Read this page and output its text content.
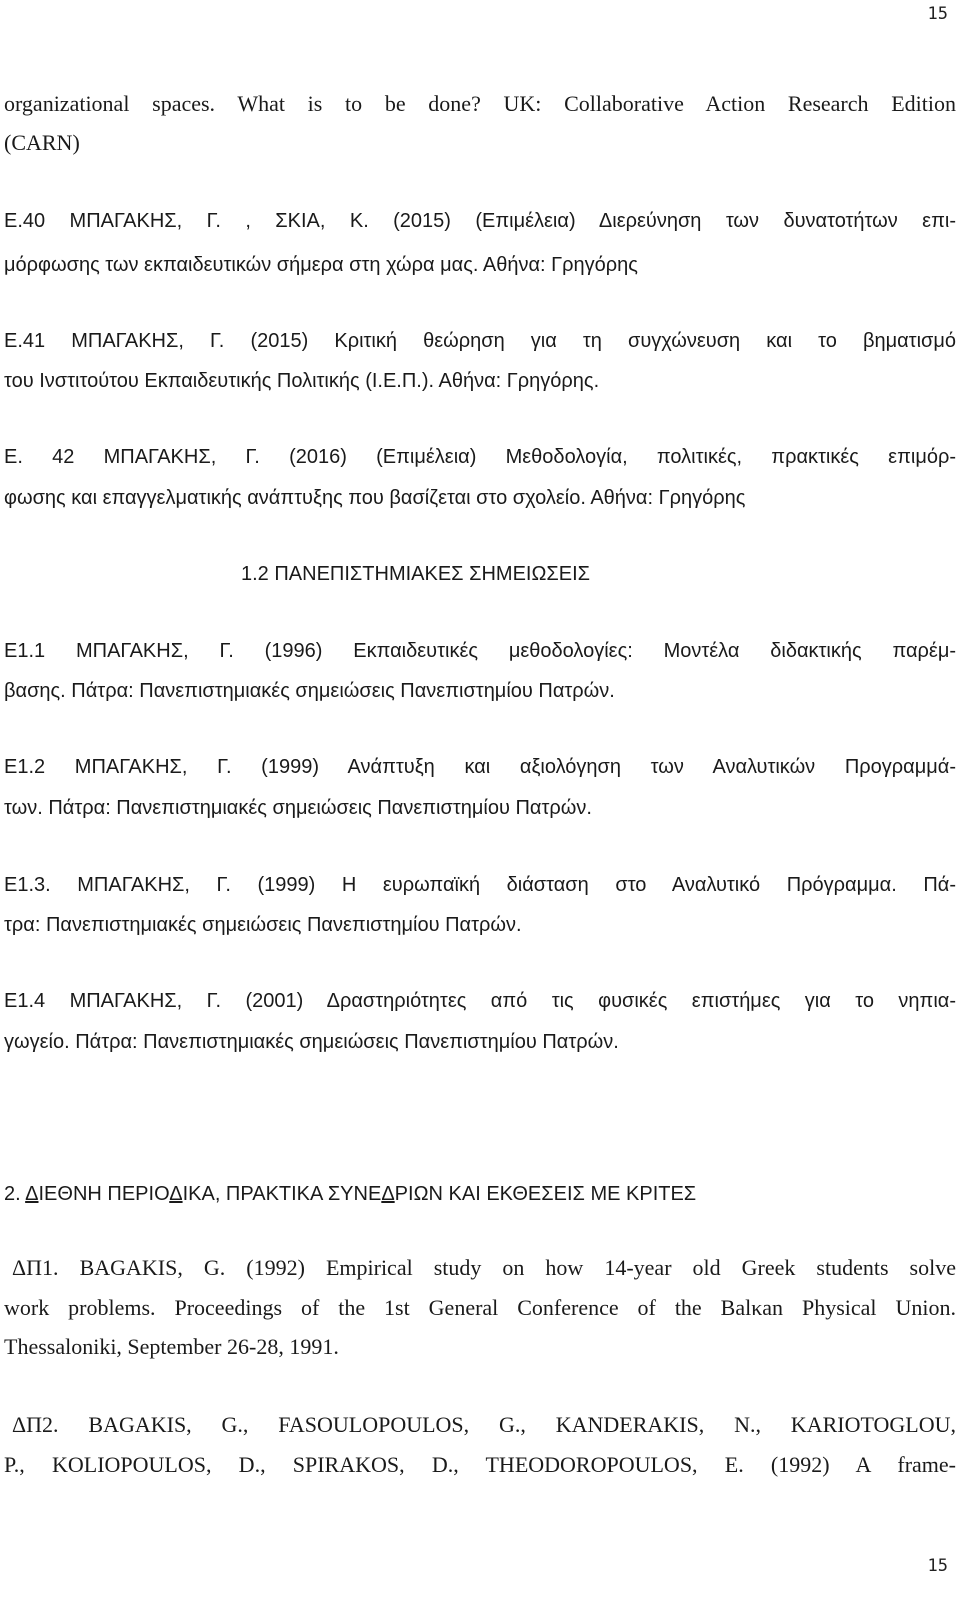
15
organizational spaces. What is to be done? UK: Collaborative Action Research Edition
(CARN)
Ε.40 ΜΠΑΓΑΚΗΣ, Γ. , ΣΚΙΑ, Κ. (2015) (Επιμέλεια) Διερεύνηση των δυνατοτήτων επι-
μόρφωσης των εκπαιδευτικών σήμερα στη χώρα μας. Αθήνα: Γρηγόρης
Ε.41 ΜΠΑΓΑΚΗΣ, Γ. (2015) Κριτική θεώρηση για τη συγχώνευση και το βηματισμό
του Ινστιτούτου Εκπαιδευτικής Πολιτικής (Ι.Ε.Π.). Αθήνα: Γρηγόρης.
Ε. 42 ΜΠΑΓΑΚΗΣ, Γ. (2016) (Επιμέλεια) Μεθοδολογία, πολιτικές, πρακτικές επιμόρ-
φωσης και επαγγελματικής ανάπτυξης που βασίζεται στο σχολείο. Αθήνα: Γρηγόρης
1.2 ΠΑΝΕΠΙΣΤΗΜΙΑΚΕΣ ΣΗΜΕΙΩΣΕΙΣ
Ε1.1 ΜΠΑΓΑΚΗΣ, Γ. (1996) Εκπαιδευτικές μεθοδολογίες: Μοντέλα διδακτικής παρέμ-
βασης. Πάτρα: Πανεπιστημιακές σημειώσεις Πανεπιστημίου Πατρών.
Ε1.2 ΜΠΑΓΑΚΗΣ, Γ. (1999) Ανάπτυξη και αξιολόγηση των Αναλυτικών Προγραμμά-
των. Πάτρα: Πανεπιστημιακές σημειώσεις Πανεπιστημίου Πατρών.
Ε1.3. ΜΠΑΓΑΚΗΣ, Γ. (1999) Η ευρωπαϊκή διάσταση στο Αναλυτικό Πρόγραμμα. Πά-
τρα: Πανεπιστημιακές σημειώσεις Πανεπιστημίου Πατρών.
Ε1.4 ΜΠΑΓΑΚΗΣ, Γ. (2001) Δραστηριότητες από τις φυσικές επιστήμες για το νηπια-
γωγείο. Πάτρα: Πανεπιστημιακές σημειώσεις Πανεπιστημίου Πατρών.
2. ΔΙΕΘΝΗ ΠΕΡΙΟΔΙΚΑ, ΠΡΑΚΤΙΚΑ ΣΥΝΕΔΡΙΩΝ ΚΑΙ ΕΚΘΕΣΕΙΣ ΜΕ ΚΡΙΤΕΣ
ΔΠ1. BAGAKIS, G. (1992) Empirical study on how 14-year old Greek students solve
work problems. Proceedings of the 1st General Conference of the Balκan Physical Union.
Thessaloniki, September 26-28, 1991.
ΔΠ2. BAGAKIS, G., FASOULOPOULOS, G., KANDERAKIS, N., KARIOTOGLOU,
P., KOLIOPOULOS, D., SPIRAKOS, D., THEODOROPOULOS, E. (1992) A frame-
15
